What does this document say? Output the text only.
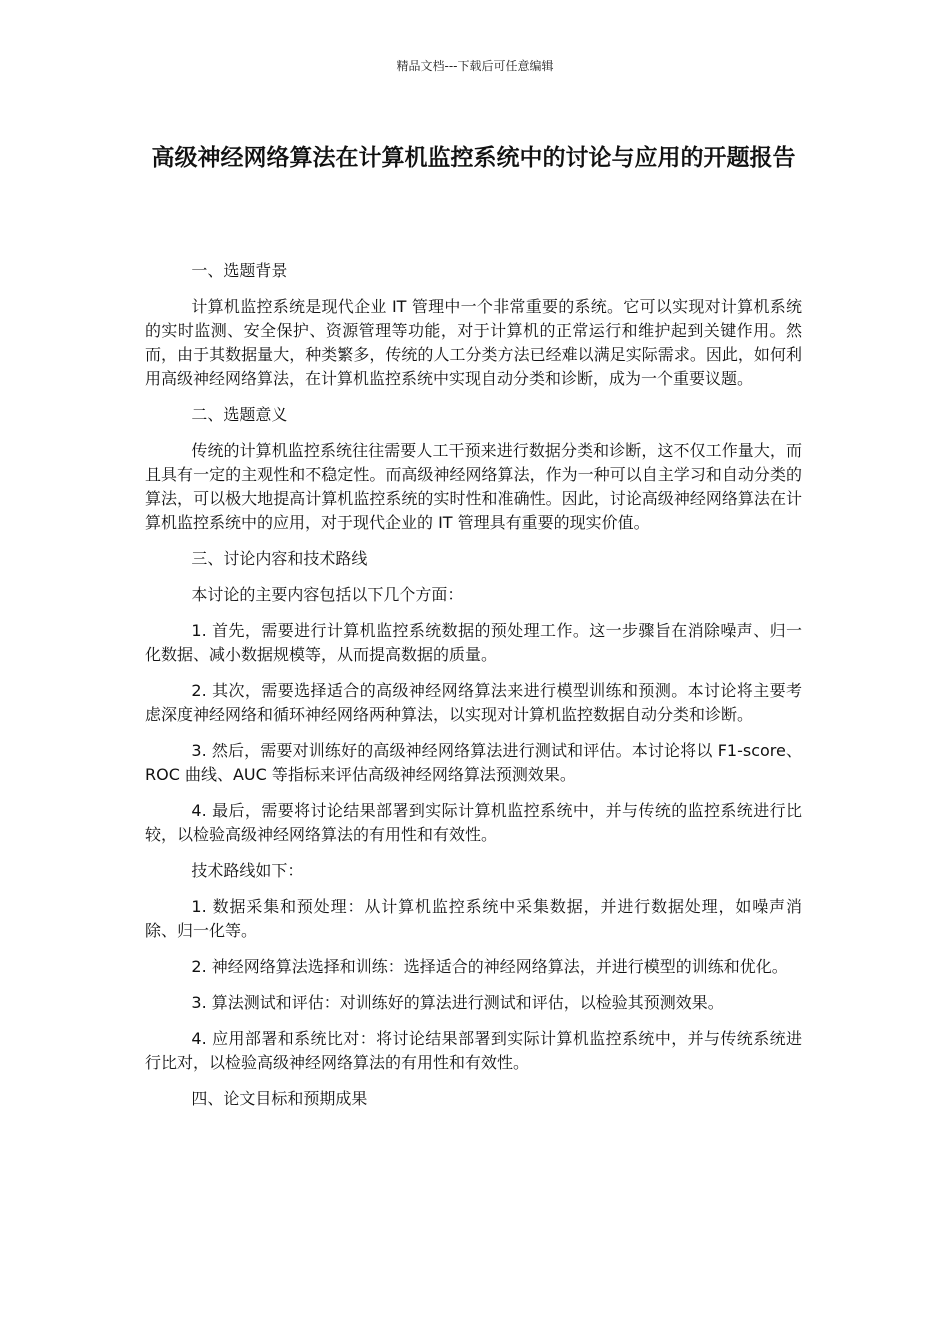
精品文档---下载后可任意编辑
高级神经网络算法在计算机监控系统中的讨论与应用的开题报告

一、选题背景

计算机监控系统是现代企业 IT 管理中一个非常重要的系统。它可以实现对计算机系统的实时监测、安全保护、资源管理等功能，对于计算机的正常运行和维护起到关键作用。然而，由于其数据量大，种类繁多，传统的人工分类方法已经难以满足实际需求。因此，如何利用高级神经网络算法，在计算机监控系统中实现自动分类和诊断，成为一个重要议题。

二、选题意义

传统的计算机监控系统往往需要人工干预来进行数据分类和诊断，这不仅工作量大，而且具有一定的主观性和不稳定性。而高级神经网络算法，作为一种可以自主学习和自动分类的算法，可以极大地提高计算机监控系统的实时性和准确性。因此，讨论高级神经网络算法在计算机监控系统中的应用，对于现代企业的 IT 管理具有重要的现实价值。

三、讨论内容和技术路线

本讨论的主要内容包括以下几个方面：

1. 首先，需要进行计算机监控系统数据的预处理工作。这一步骤旨在消除噪声、归一化数据、减小数据规模等，从而提高数据的质量。

2. 其次，需要选择适合的高级神经网络算法来进行模型训练和预测。本讨论将主要考虑深度神经网络和循环神经网络两种算法，以实现对计算机监控数据自动分类和诊断。

3. 然后，需要对训练好的高级神经网络算法进行测试和评估。本讨论将以 F1-score、ROC 曲线、AUC 等指标来评估高级神经网络算法预测效果。

4. 最后，需要将讨论结果部署到实际计算机监控系统中，并与传统的监控系统进行比较，以检验高级神经网络算法的有用性和有效性。

技术路线如下：

1. 数据采集和预处理：从计算机监控系统中采集数据，并进行数据处理，如噪声消除、归一化等。

2. 神经网络算法选择和训练：选择适合的神经网络算法，并进行模型的训练和优化。

3. 算法测试和评估：对训练好的算法进行测试和评估，以检验其预测效果。

4. 应用部署和系统比对：将讨论结果部署到实际计算机监控系统中，并与传统系统进行比对，以检验高级神经网络算法的有用性和有效性。

四、论文目标和预期成果
